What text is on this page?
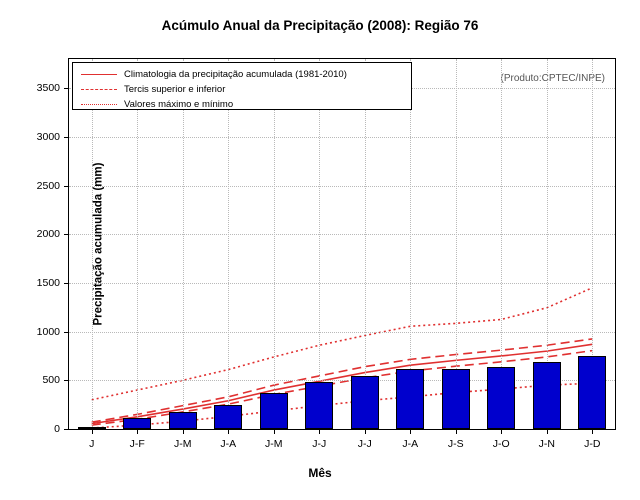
Acúmulo Anual da Precipitação (2008): Região 76
Mês
Precipitação acumulada (mm)
(Produto:CPTEC/INPE)
0
500
1000
1500
2000
2500
3000
3500
J	J-F	J-M	J-A	J-M	J-J	J-J	J-A	J-S	J-O	J-N	J-D
Climatologia da precipitação acumulada (1981-2010)
Tercis superior e inferior
Valores máximo e mínimo
